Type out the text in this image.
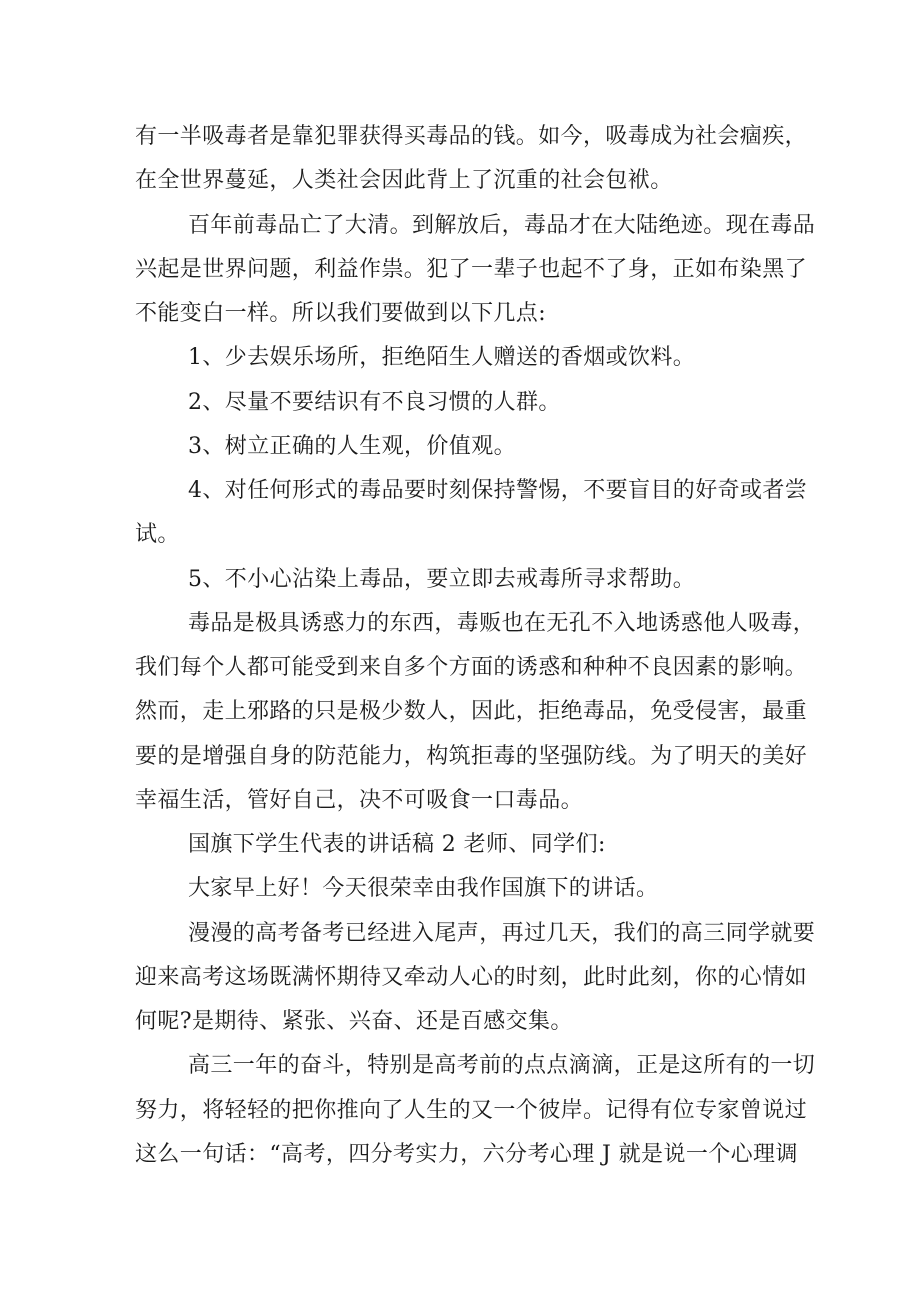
有一半吸毒者是靠犯罪获得买毒品的钱。如今，吸毒成为社会痼疾，
在全世界蔓延，人类社会因此背上了沉重的社会包袱。
百年前毒品亡了大清。到解放后，毒品才在大陆绝迹。现在毒品
兴起是世界问题，利益作祟。犯了一辈子也起不了身，正如布染黑了
不能变白一样。所以我们要做到以下几点:
1、少去娱乐场所，拒绝陌生人赠送的香烟或饮料。
2、尽量不要结识有不良习惯的人群。
3、树立正确的人生观，价值观。
4、对任何形式的毒品要时刻保持警惕，不要盲目的好奇或者尝
试。
5、不小心沾染上毒品，要立即去戒毒所寻求帮助。
毒品是极具诱惑力的东西，毒贩也在无孔不入地诱惑他人吸毒，
我们每个人都可能受到来自多个方面的诱惑和种种不良因素的影响。
然而，走上邪路的只是极少数人，因此，拒绝毒品，免受侵害，最重
要的是增强自身的防范能力，构筑拒毒的坚强防线。为了明天的美好
幸福生活，管好自己，决不可吸食一口毒品。
国旗下学生代表的讲话稿 2 老师、同学们:
大家早上好！今天很荣幸由我作国旗下的讲话。
漫漫的高考备考已经进入尾声，再过几天，我们的高三同学就要
迎来高考这场既满怀期待又牵动人心的时刻，此时此刻，你的心情如
何呢?是期待、紧张、兴奋、还是百感交集。
高三一年的奋斗，特别是高考前的点点滴滴，正是这所有的一切
努力，将轻轻的把你推向了人生的又一个彼岸。记得有位专家曾说过
这么一句话：“高考，四分考实力，六分考心理 J 就是说一个心理调
